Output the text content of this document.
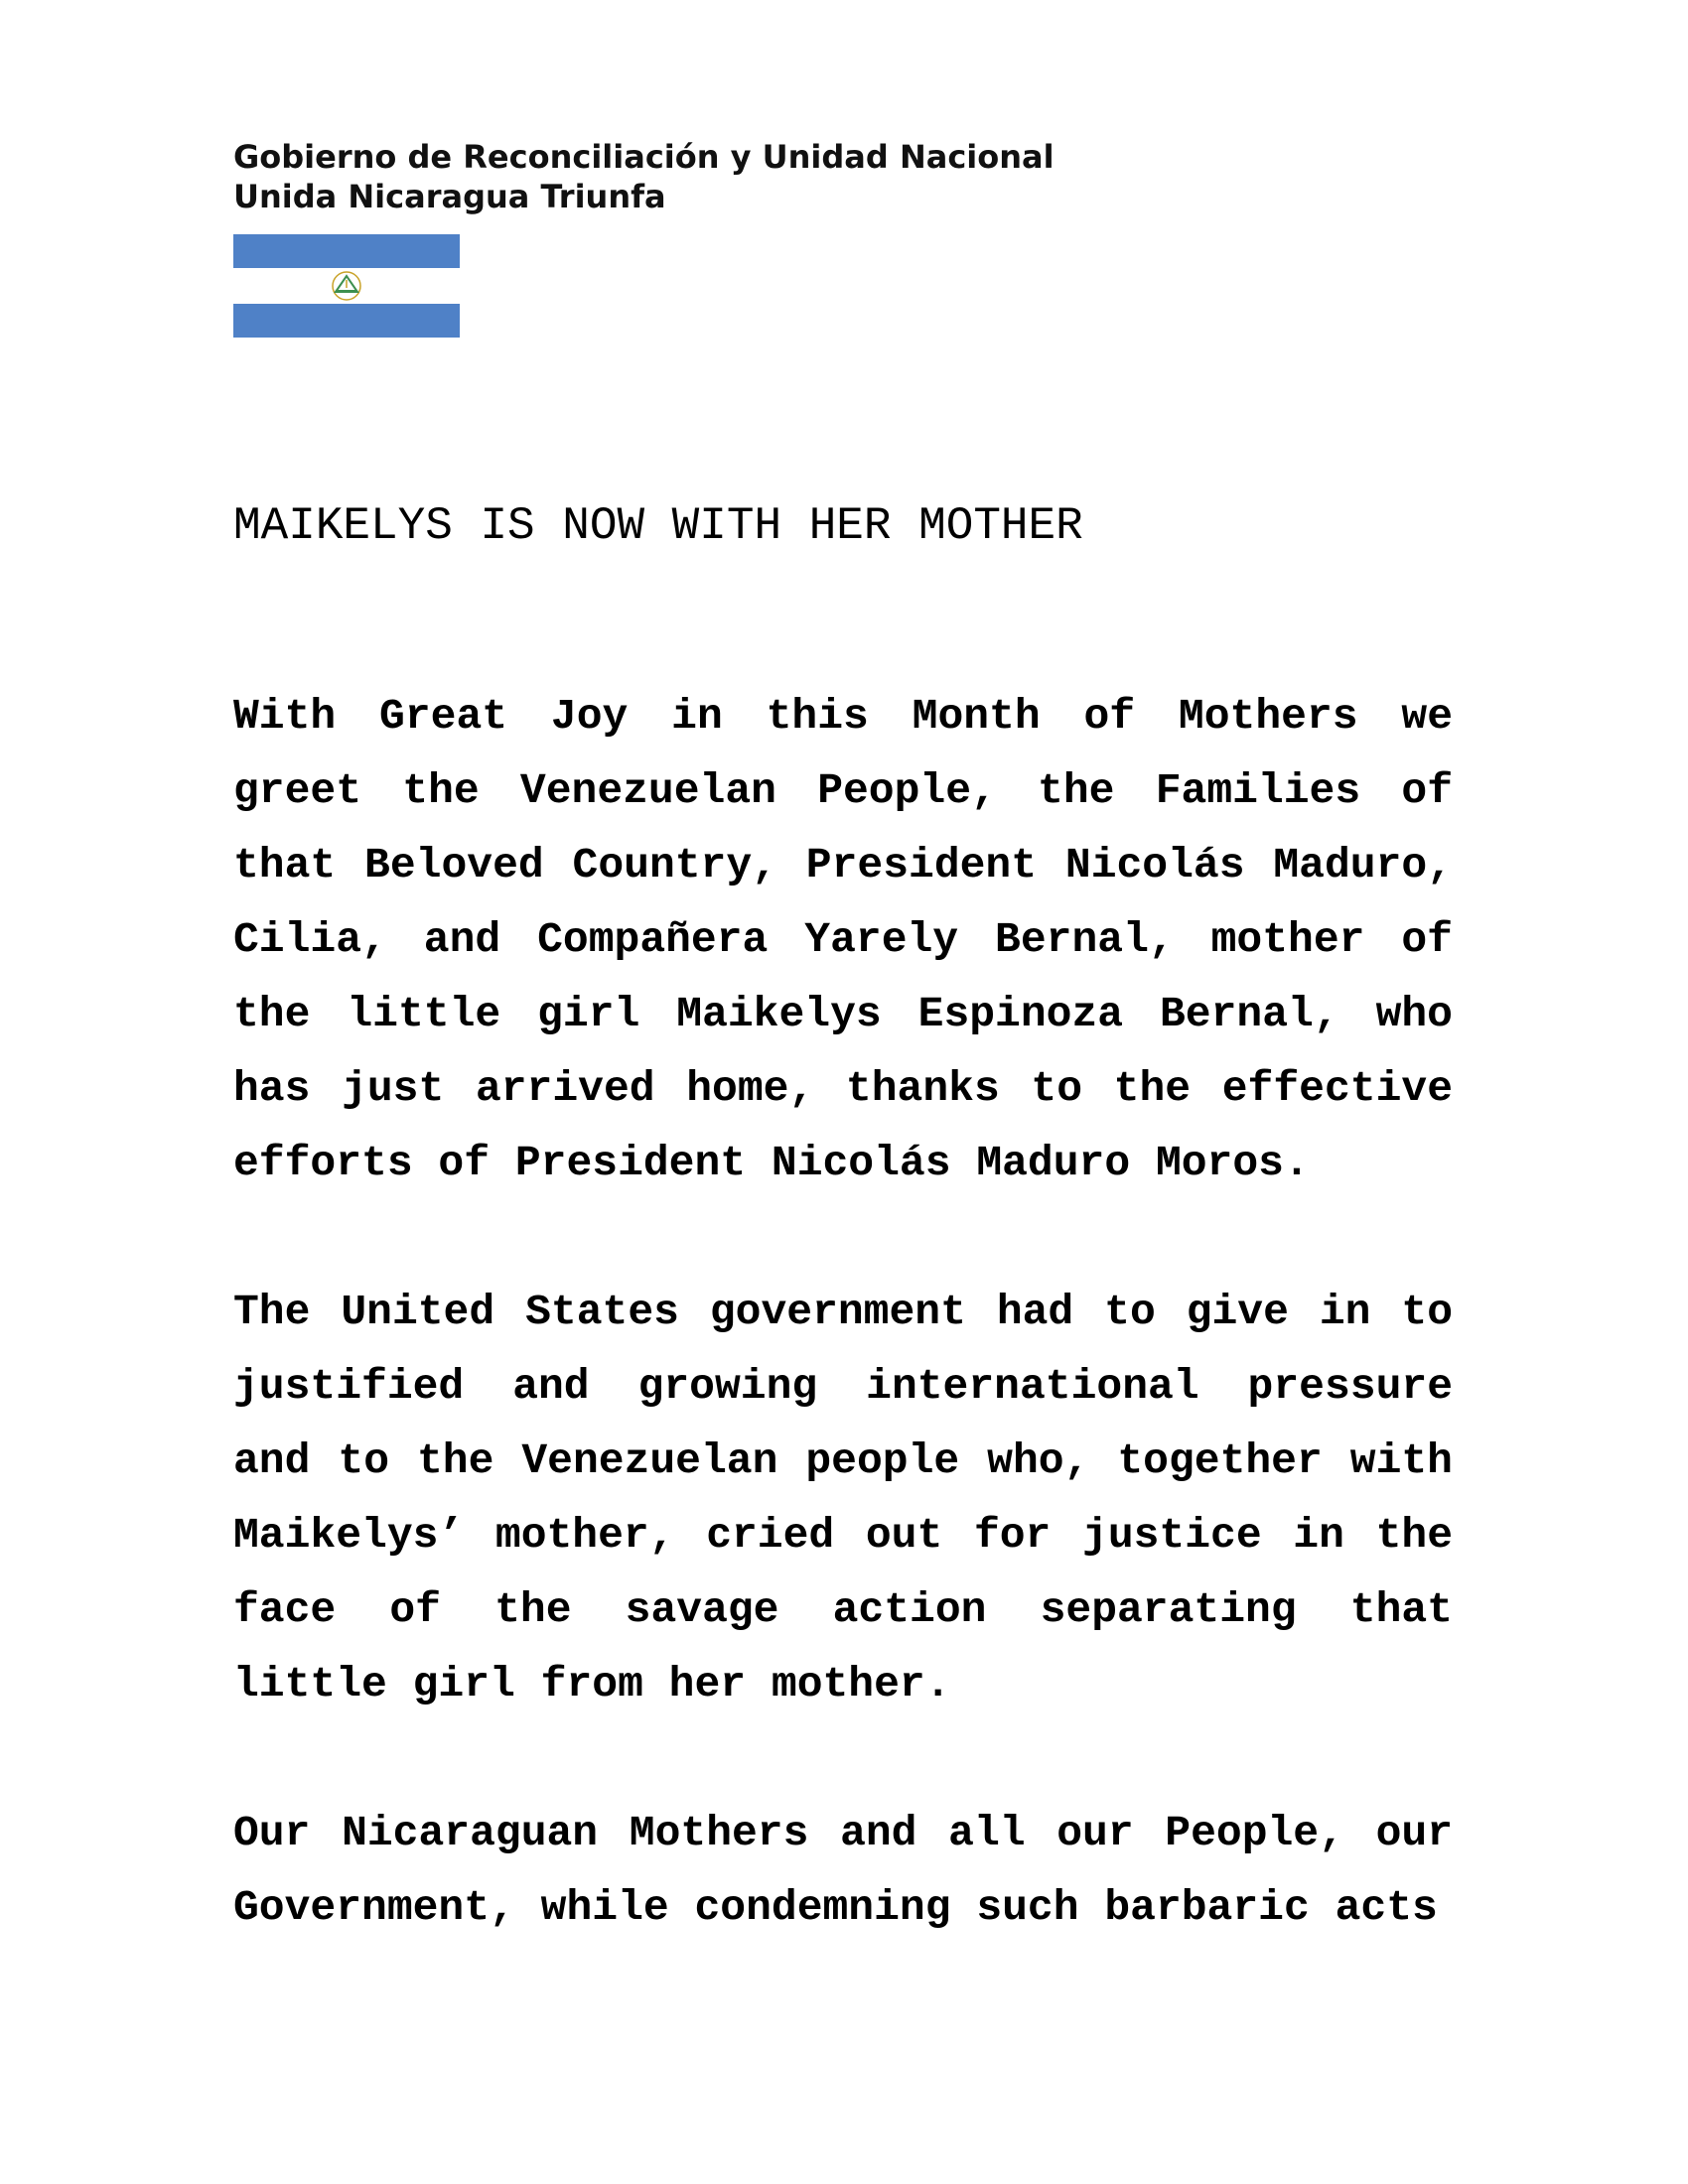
Gobierno de Reconciliación y Unidad Nacional
Unida Nicaragua Triunfa
MAIKELYS IS NOW WITH HER MOTHER

With Great Joy in this Month of Mothers we greet the Venezuelan People, the Families of that Beloved Country, President Nicolás Maduro, Cilia, and Compañera Yarely Bernal, mother of the little girl Maikelys Espinoza Bernal, who has just arrived home, thanks to the effective efforts of President Nicolás Maduro Moros.

The United States government had to give in to justified and growing international pressure and to the Venezuelan people who, together with Maikelys’ mother, cried out for justice in the face of the savage action separating that little girl from her mother.

Our Nicaraguan Mothers and all our People, our Government, while condemning such barbaric acts
